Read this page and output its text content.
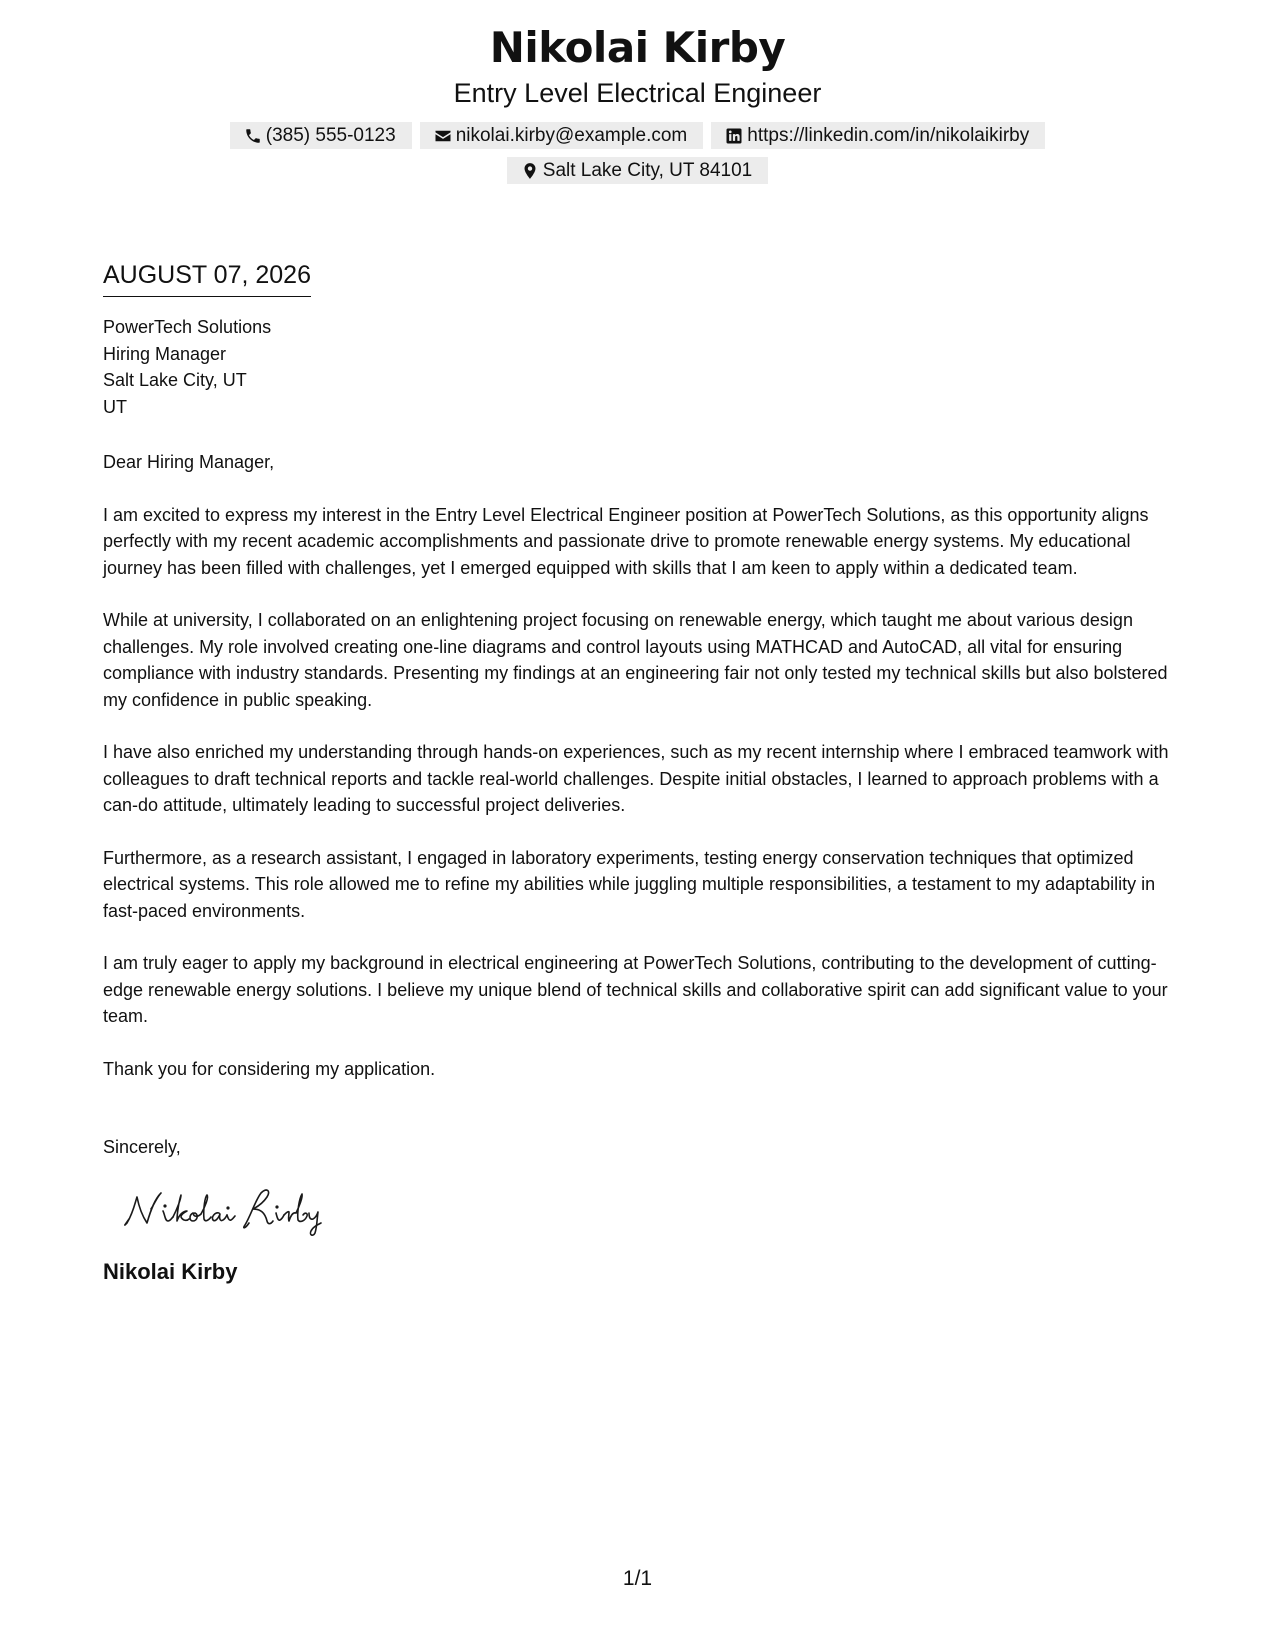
Nikolai Kirby

Entry Level Electrical Engineer

(385) 555-0123	nikolai.kirby@example.com	https://linkedin.com/in/nikolaikirby
Salt Lake City, UT 84101

AUGUST 07, 2026

PowerTech Solutions
Hiring Manager
Salt Lake City, UT
UT
Dear Hiring Manager,

I am excited to express my interest in the Entry Level Electrical Engineer position at PowerTech Solutions, as this opportunity aligns perfectly with my recent academic accomplishments and passionate drive to promote renewable energy systems. My educational journey has been filled with challenges, yet I emerged equipped with skills that I am keen to apply within a dedicated team.

While at university, I collaborated on an enlightening project focusing on renewable energy, which taught me about various design challenges. My role involved creating one-line diagrams and control layouts using MATHCAD and AutoCAD, all vital for ensuring compliance with industry standards. Presenting my findings at an engineering fair not only tested my technical skills but also bolstered my confidence in public speaking.

I have also enriched my understanding through hands-on experiences, such as my recent internship where I embraced teamwork with colleagues to draft technical reports and tackle real-world challenges. Despite initial obstacles, I learned to approach problems with a can-do attitude, ultimately leading to successful project deliveries.

Furthermore, as a research assistant, I engaged in laboratory experiments, testing energy conservation techniques that optimized electrical systems. This role allowed me to refine my abilities while juggling multiple responsibilities, a testament to my adaptability in fast-paced environments.

I am truly eager to apply my background in electrical engineering at PowerTech Solutions, contributing to the development of cutting-edge renewable energy solutions. I believe my unique blend of technical skills and collaborative spirit can add significant value to your team.

Thank you for considering my application.

Sincerely,
Nikolai Kirby
1/1
